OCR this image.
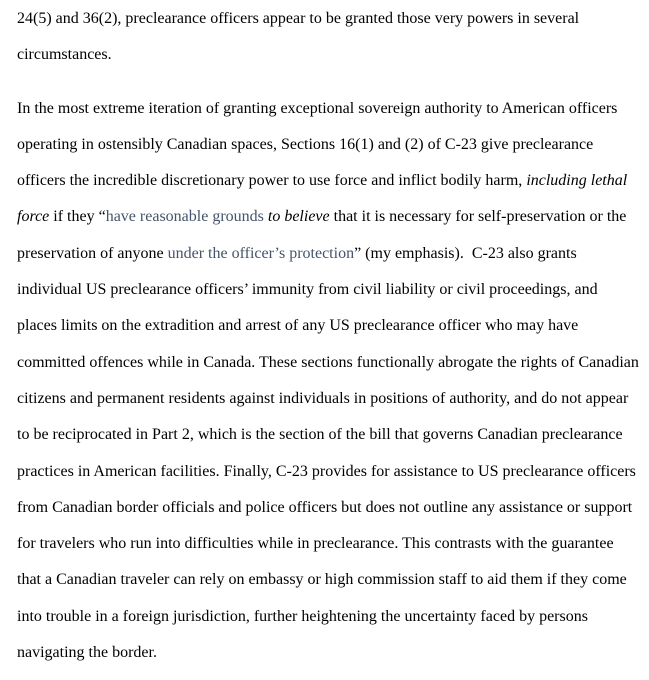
24(5) and 36(2), preclearance officers appear to be granted those very powers in several
circumstances.
In the most extreme iteration of granting exceptional sovereign authority to American officers
operating in ostensibly Canadian spaces, Sections 16(1) and (2) of C-23 give preclearance
officers the incredible discretionary power to use force and inflict bodily harm, including lethal
force if they “have reasonable grounds to believe that it is necessary for self-preservation or the
preservation of anyone under the officer’s protection” (my emphasis).  C-23 also grants
individual US preclearance officers’ immunity from civil liability or civil proceedings, and
places limits on the extradition and arrest of any US preclearance officer who may have
committed offences while in Canada. These sections functionally abrogate the rights of Canadian
citizens and permanent residents against individuals in positions of authority, and do not appear
to be reciprocated in Part 2, which is the section of the bill that governs Canadian preclearance
practices in American facilities. Finally, C-23 provides for assistance to US preclearance officers
from Canadian border officials and police officers but does not outline any assistance or support
for travelers who run into difficulties while in preclearance. This contrasts with the guarantee
that a Canadian traveler can rely on embassy or high commission staff to aid them if they come
into trouble in a foreign jurisdiction, further heightening the uncertainty faced by persons
navigating the border.
